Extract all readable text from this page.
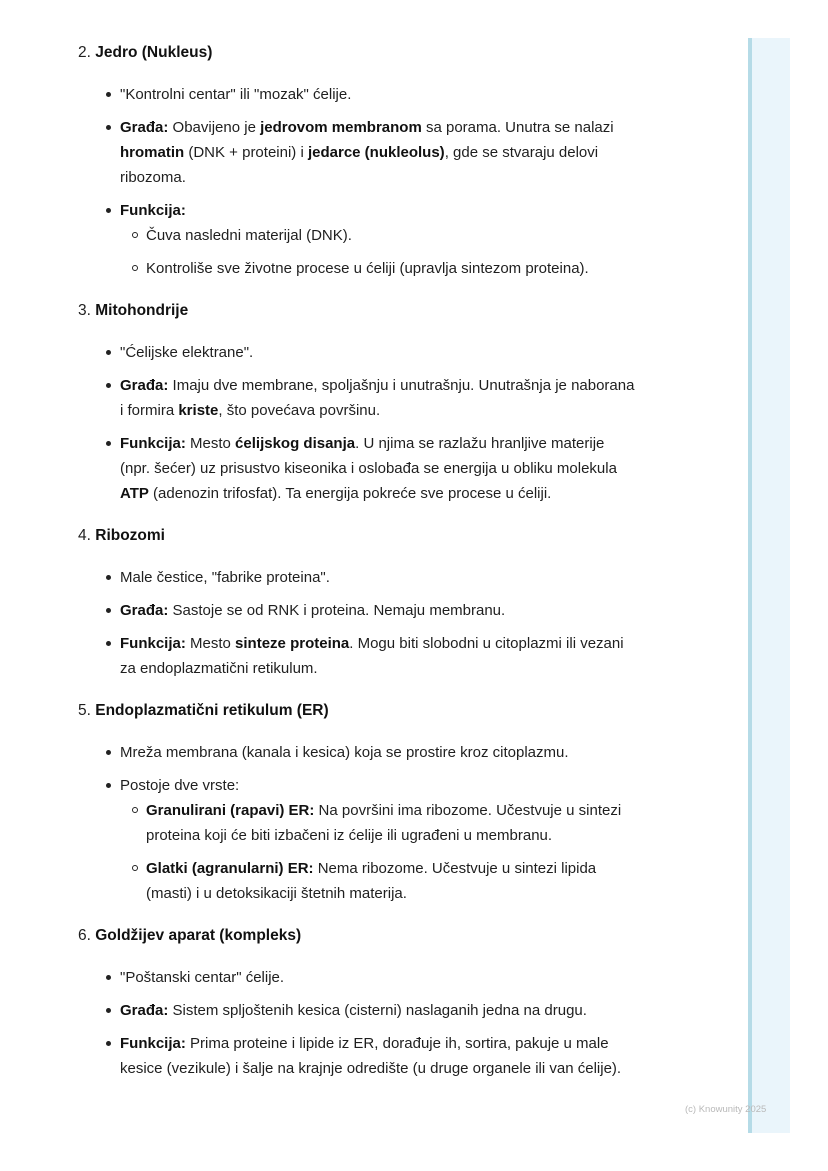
2. Jedro (Nukleus)
"Kontrolni centar" ili "mozak" ćelije.
Građa: Obavijeno je jedrovom membranom sa porama. Unutra se nalazi hromatin (DNK + proteini) i jedarce (nukleolus), gde se stvaraju delovi ribozoma.
Funkcija:
Čuva nasledni materijal (DNK).
Kontroliše sve životne procese u ćeliji (upravlja sintezom proteina).
3. Mitohondrije
"Ćelijske elektrane".
Građa: Imaju dve membrane, spoljašnju i unutrašnju. Unutrašnja je naborana i formira kriste, što povećava površinu.
Funkcija: Mesto ćelijskog disanja. U njima se razlažu hranljive materije (npr. šećer) uz prisustvo kiseonika i oslobađa se energija u obliku molekula ATP (adenozin trifosfat). Ta energija pokreće sve procese u ćeliji.
4. Ribozomi
Male čestice, "fabrike proteina".
Građa: Sastoje se od RNK i proteina. Nemaju membranu.
Funkcija: Mesto sinteze proteina. Mogu biti slobodni u citoplazmi ili vezani za endoplazmatični retikulum.
5. Endoplazmatični retikulum (ER)
Mreža membrana (kanala i kesica) koja se prostire kroz citoplazmu.
Postoje dve vrste:
Granulirani (rapavi) ER: Na površini ima ribozome. Učestvuje u sintezi proteina koji će biti izbačeni iz ćelije ili ugrađeni u membranu.
Glatki (agranularni) ER: Nema ribozome. Učestvuje u sintezi lipida (masti) i u detoksikaciji štetnih materija.
6. Goldžijev aparat (kompleks)
"Poštanski centar" ćelije.
Građa: Sistem spljoštenih kesica (cisterni) naslaganih jedna na drugu.
Funkcija: Prima proteine i lipide iz ER, dorađuje ih, sortira, pakuje u male kesice (vezikule) i šalje na krajnje odredište (u druge organele ili van ćelije).
(c) Knowunity 2025
